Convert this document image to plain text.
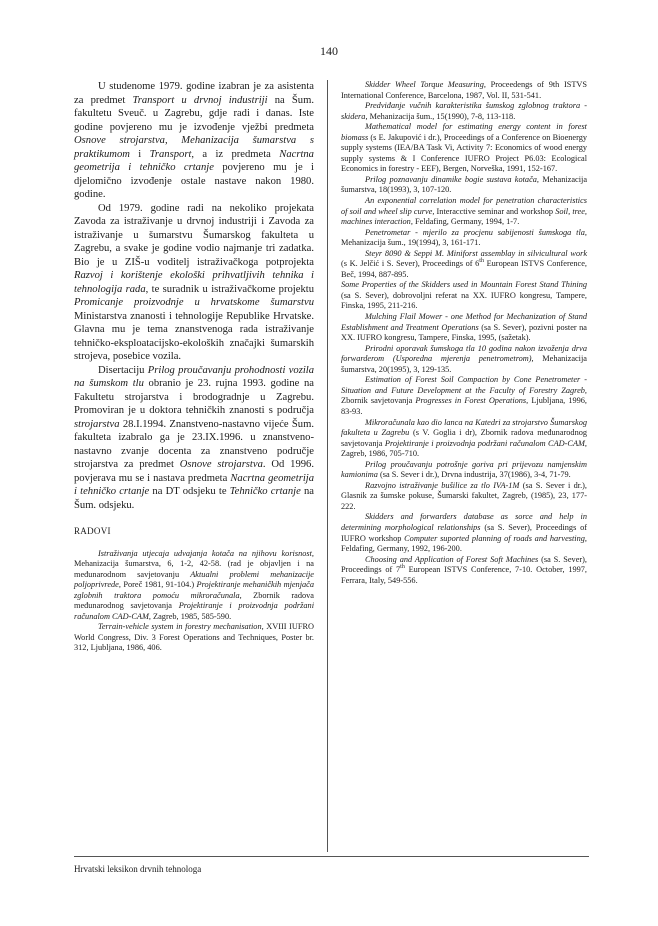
140

U studenome 1979. godine izabran je za asistenta za predmet Transport u drvnoj industriji na Šum. fakultetu Sveuč. u Zagrebu, gdje radi i danas. Iste godine povjereno mu je izvođenje vježbi predmeta Osnove strojarstva, Mehanizacija šumarstva s praktikumom i Transport, a iz predmeta Nacrtna geometrija i tehničko crtanje povjereno mu je i djelomično izvođenje ostale nastave nakon 1980. godine.

Od 1979. godine radi na nekoliko projekata Zavoda za istraživanje u drvnoj industriji i Zavoda za istraživanje u šumarstvu Šumarskog fakulteta u Zagrebu, a svake je godine vodio najmanje tri zadatka. Bio je u ZIŠ-u voditelj istraživačkoga potprojekta Razvoj i korištenje ekološki prihvatljivih tehnika i tehnologija rada, te suradnik u istraživačkome projektu Promicanje proizvodnje u hrvatskome šumarstvu Ministarstva znanosti i tehnologije Republike Hrvatske. Glavna mu je tema znanstvenoga rada istraživanje tehničko-eksploatacijsko-ekoloških značajki šumarskih strojeva, posebice vozila.

Disertaciju Prilog proučavanju prohodnosti vozila na šumskom tlu obranio je 23. rujna 1993. godine na Fakultetu strojarstva i brodogradnje u Zagrebu. Promoviran je u doktora tehničkih znanosti s područja strojarstva 28.I.1994. Znanstveno-nastavno vijeće Šum. fakulteta izabralo ga je 23.IX.1996. u znanstveno-nastavno zvanje docenta za znanstveno područje strojarstva za predmet Osnove strojarstva. Od 1996. povjerava mu se i nastava predmeta Nacrtna geometrija i tehničko crtanje na DT odsjeku te Tehničko crtanje na Šum. odsjeku.

RADOVI

Istraživanja utjecaja udvajanja kotača na njihovu korisnost, Mehanizacija šumarstva, 6, 1-2, 42-58. (rad je objavljen i na međunarodnom savjetovanju Aktualni problemi mehanizacije poljoprivrede, Poreč 1981, 91-104.) Projektiranje mehaničkih mjenjača zglobnih traktora pomoću mikroračunala, Zbornik radova međunarodnog savjetovanja Projektiranje i proizvodnja podržani računalom CAD-CAM, Zagreb, 1985, 585-590.

Terrain-vehicle system in forestry mechanisation, XVIII IUFRO World Congress, Div. 3 Forest Operations and Techniques, Poster br. 312, Ljubljana, 1986, 406.

Skidder Wheel Torque Measuring, Proceedengs of 9th ISTVS International Conference, Barcelona, 1987, Vol. II, 531-541.

Predviđanje vučnih karakteristika šumskog zglobnog traktora - skidera, Mehanizacija šum., 15(1990), 7-8, 113-118.

Mathematical model for estimating energy content in forest biomass (s E. Jakupović i dr.), Proceedings of a Conference on Bioenergy supply systems (IEA/BA Task Vi, Activity 7: Economics of wood energy supply systems & I Conference IUFRO Project P6.03: Ecological Economics in forestry - EEF), Bergen, Norveška, 1991, 152-167.

Prilog poznavanju dinamike bogie sustava kotača, Mehanizacija šumarstva, 18(1993), 3, 107-120.

An exponential correlation model for penetration characteristics of soil and wheel slip curve, Interacctive seminar and workshop Soil, tree, machines interaction, Feldafing, Germany, 1994, 1-7.

Penetrometar - mjerilo za procjenu sabijenosti šumskoga tla, Mehanizacija šum., 19(1994), 3, 161-171.

Steyr 8090 & Seppi M. Miniforst assemblay in silvicultural work (s K. Jelčić i S. Sever), Proceedings of 6th European ISTVS Conference, Beč, 1994, 887-895.

Some Properties of the Skidders used in Mountain Forest Stand Thining (sa S. Sever), dobrovoljni referat na XX. IUFRO kongresu, Tampere, Finska, 1995, 211-216.

Mulching Flail Mower - one Method for Mechanization of Stand Establishment and Treatment Operations (sa S. Sever), pozivni poster na XX. IUFRO kongresu, Tampere, Finska, 1995, (sažetak).

Prirodni oporavak šumskoga tla 10 godina nakon izvoženja drva forwarderom (Usporedna mjerenja penetrometrom), Mehanizacija šumarstva, 20(1995), 3, 129-135.

Estimation of Forest Soil Compaction by Cone Penetrometer - Situation and Future Development at the Faculty of Forestry Zagreb, Zbornik savjetovanja Progresses in Forest Operations, Ljubljana, 1996, 83-93.

Mikroračunala kao dio lanca na Katedri za strojarstvo Šumarskog fakulteta u Zagrebu (s V. Goglia i dr), Zbornik radova međunarodnog savjetovanja Projektiranje i proizvodnja podržani računalom CAD-CAM, Zagreb, 1986, 705-710.

Prilog proučavanju potrošnje goriva pri prijevozu namjenskim kamionima (sa S. Sever i dr.), Drvna industrija, 37(1986), 3-4, 71-79.

Razvojno istraživanje bušilice za tlo IVA-1M (sa S. Sever i dr.), Glasnik za šumske pokuse, Šumarski fakultet, Zagreb, (1985), 23, 177-222.

Skidders and forwarders database as sorce and help in determining morphological relationships (sa S. Sever), Proceedings of IUFRO workshop Computer suported planning of roads and harvesting, Feldafing, Germany, 1992, 196-200.

Choosing and Application of Forest Soft Machines (sa S. Sever), Proceedings of 7th European ISTVS Conference, 7-10. October, 1997, Ferrara, Italy, 549-556.

Hrvatski leksikon drvnih tehnologa
